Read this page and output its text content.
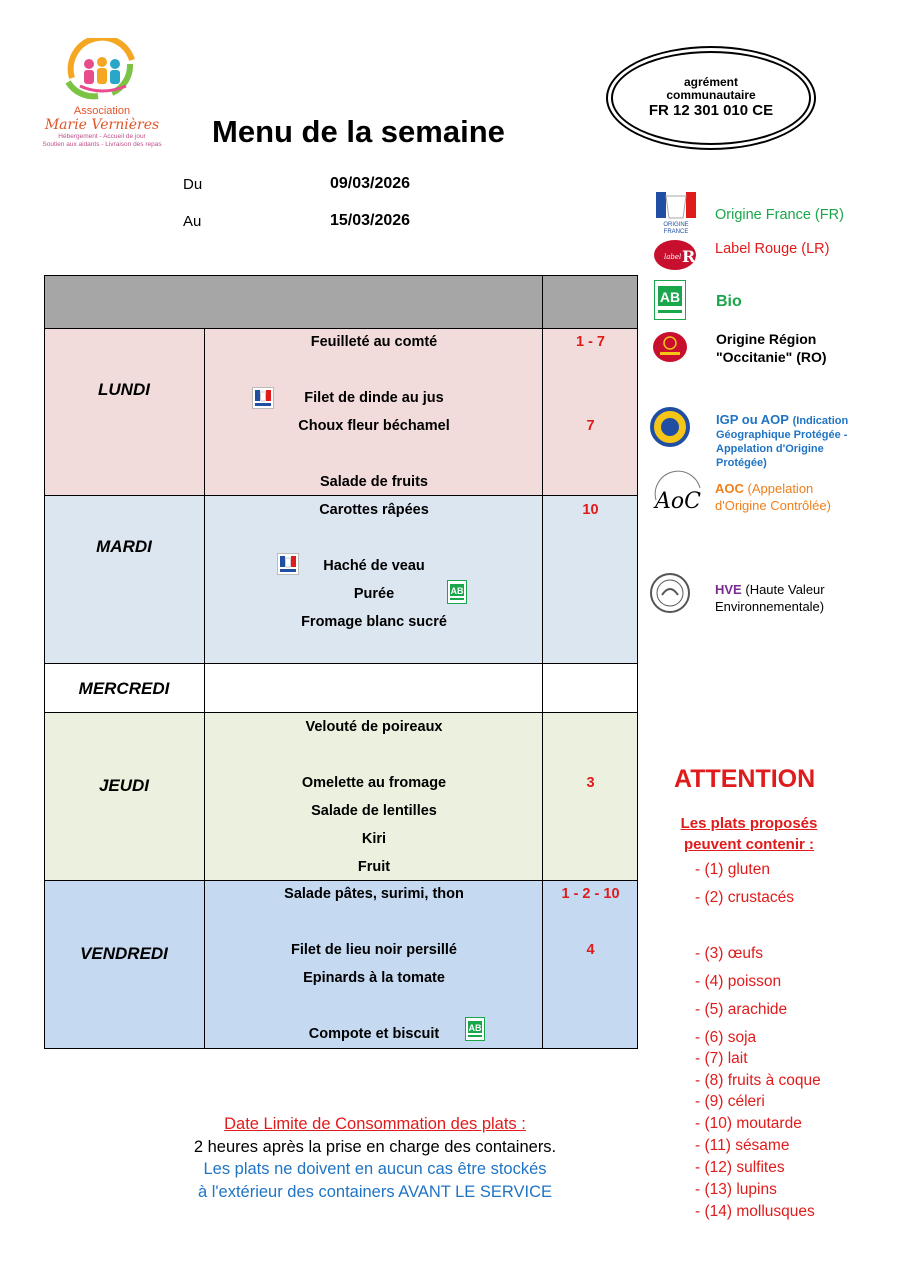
Association
Marie Vernières
Hébergement - Accueil de jour
Soutien aux aidants - Livraison des repas Menu de la semaine
Du	09/03/2026
Au	15/03/2026
agrément
communautaire
FR 12 301 010 CE
LUNDI
Feuilleté au comté
Filet de dinde au jus
Choux fleur béchamel
Salade de fruits
1 - 7
7
MARDI
Carottes râpées
Haché de veau
Purée
Fromage blanc sucré
10
AB
MERCREDI
JEUDI
Velouté de poireaux
Omelette au fromage
Salade de lentilles
Kiri
Fruit
3
VENDREDI
Salade pâtes, surimi, thon
Filet de lieu noir persillé
Epinards à la tomate
Compote et biscuit
1 - 2 - 10
4
AB
ORIGINE
FRANCE
Origine France (FR)
label R Label Rouge (LR)
AB Bio
Origine Région
"Occitanie" (RO)
IGP ou AOP (Indication
Géographique Protégée -
Appelation d'Origine
Protégée)
AoC
AOC (Appelation
d'Origine Contrôlée)
HVE (Haute Valeur
Environnementale)
ATTENTION
Les plats proposés
peuvent contenir :
- (1) gluten
- (2) crustacés
- (3) œufs
- (4) poisson
- (5) arachide
- (6) soja
- (7) lait
- (8) fruits à coque
- (9) céleri
- (10) moutarde
- (11) sésame
- (12) sulfites
- (13) lupins
- (14) mollusques
Date Limite de Consommation des plats :
2 heures après la prise en charge des containers.
Les plats ne doivent en aucun cas être stockés
à l'extérieur des containers AVANT LE SERVICE
